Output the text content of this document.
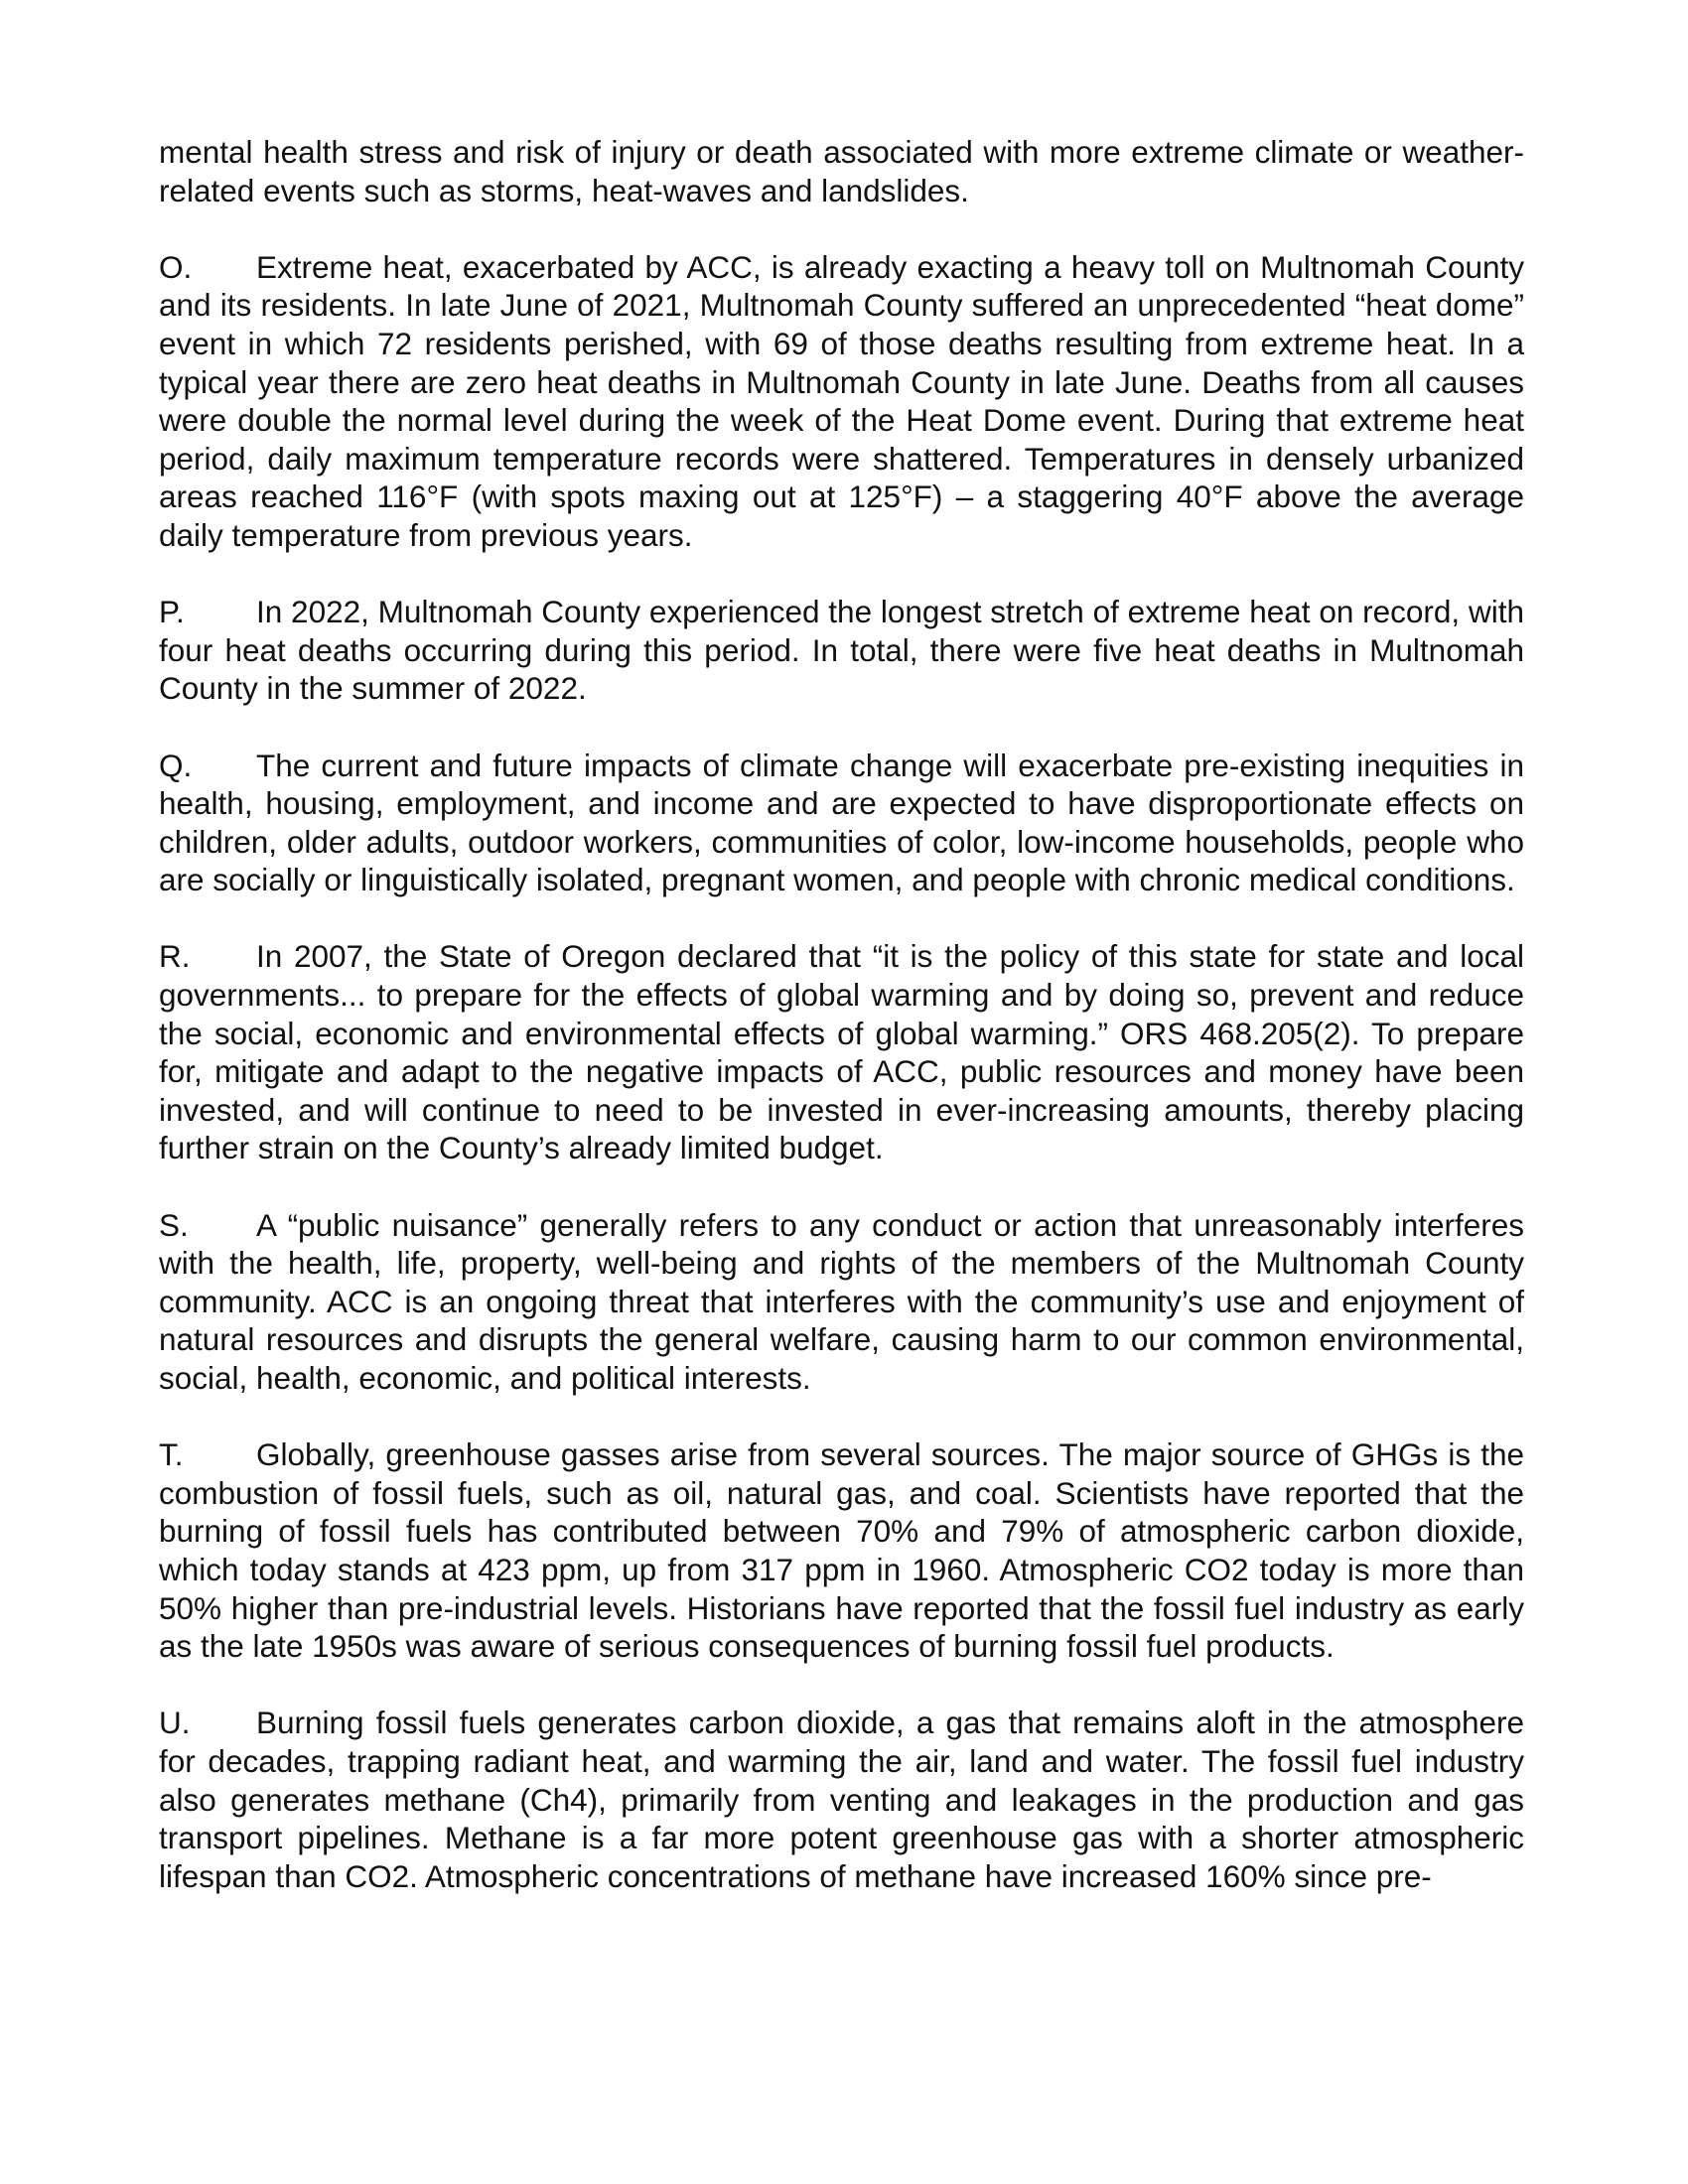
mental health stress and risk of injury or death associated with more extreme climate or weather-related events such as storms, heat-waves and landslides.

O. Extreme heat, exacerbated by ACC, is already exacting a heavy toll on Multnomah County and its residents. In late June of 2021, Multnomah County suffered an unprecedented “heat dome” event in which 72 residents perished, with 69 of those deaths resulting from extreme heat. In a typical year there are zero heat deaths in Multnomah County in late June. Deaths from all causes were double the normal level during the week of the Heat Dome event. During that extreme heat period, daily maximum temperature records were shattered. Temperatures in densely urbanized areas reached 116°F (with spots maxing out at 125°F) – a staggering 40°F above the average daily temperature from previous years.

P. In 2022, Multnomah County experienced the longest stretch of extreme heat on record, with four heat deaths occurring during this period. In total, there were five heat deaths in Multnomah County in the summer of 2022.

Q. The current and future impacts of climate change will exacerbate pre-existing inequities in health, housing, employment, and income and are expected to have disproportionate effects on children, older adults, outdoor workers, communities of color, low-income households, people who are socially or linguistically isolated, pregnant women, and people with chronic medical conditions.

R. In 2007, the State of Oregon declared that “it is the policy of this state for state and local governments... to prepare for the effects of global warming and by doing so, prevent and reduce the social, economic and environmental effects of global warming.” ORS 468.205(2). To prepare for, mitigate and adapt to the negative impacts of ACC, public resources and money have been invested, and will continue to need to be invested in ever-increasing amounts, thereby placing further strain on the County’s already limited budget.

S. A “public nuisance” generally refers to any conduct or action that unreasonably interferes with the health, life, property, well-being and rights of the members of the Multnomah County community. ACC is an ongoing threat that interferes with the community’s use and enjoyment of natural resources and disrupts the general welfare, causing harm to our common environmental, social, health, economic, and political interests.

T. Globally, greenhouse gasses arise from several sources. The major source of GHGs is the combustion of fossil fuels, such as oil, natural gas, and coal. Scientists have reported that the burning of fossil fuels has contributed between 70% and 79% of atmospheric carbon dioxide, which today stands at 423 ppm, up from 317 ppm in 1960. Atmospheric CO2 today is more than 50% higher than pre-industrial levels. Historians have reported that the fossil fuel industry as early as the late 1950s was aware of serious consequences of burning fossil fuel products.

U. Burning fossil fuels generates carbon dioxide, a gas that remains aloft in the atmosphere for decades, trapping radiant heat, and warming the air, land and water. The fossil fuel industry also generates methane (Ch4), primarily from venting and leakages in the production and gas transport pipelines. Methane is a far more potent greenhouse gas with a shorter atmospheric lifespan than CO2. Atmospheric concentrations of methane have increased 160% since pre-
